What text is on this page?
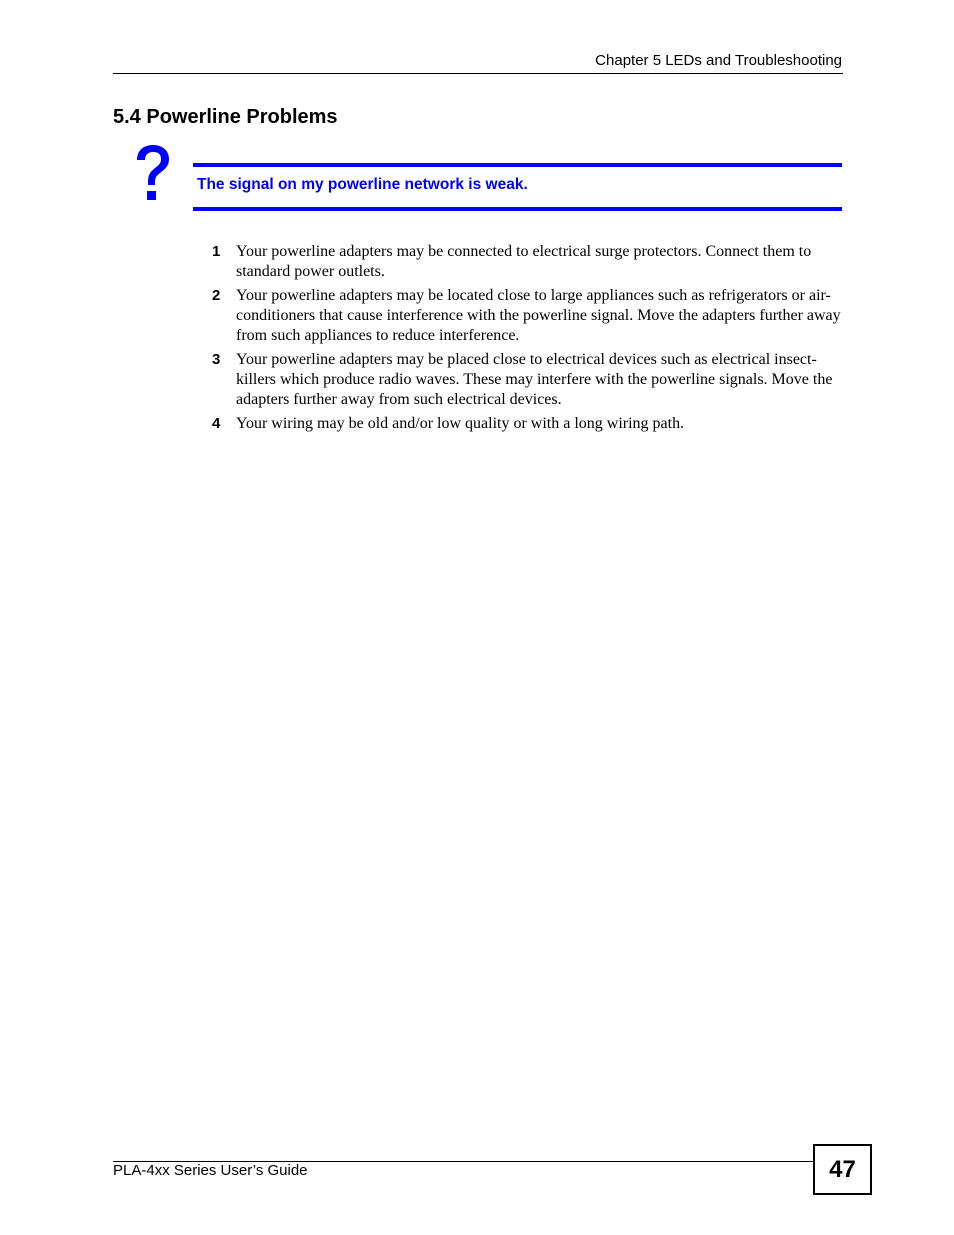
Chapter 5 LEDs and Troubleshooting
5.4 Powerline Problems
The signal on my powerline network is weak.
1 Your powerline adapters may be connected to electrical surge protectors. Connect them to standard power outlets.
2 Your powerline adapters may be located close to large appliances such as refrigerators or air-conditioners that cause interference with the powerline signal. Move the adapters further away from such appliances to reduce interference.
3 Your powerline adapters may be placed close to electrical devices such as electrical insect-killers which produce radio waves. These may interfere with the powerline signals. Move the adapters further away from such electrical devices.
4 Your wiring may be old and/or low quality or with a long wiring path.
PLA-4xx Series User’s Guide	47
